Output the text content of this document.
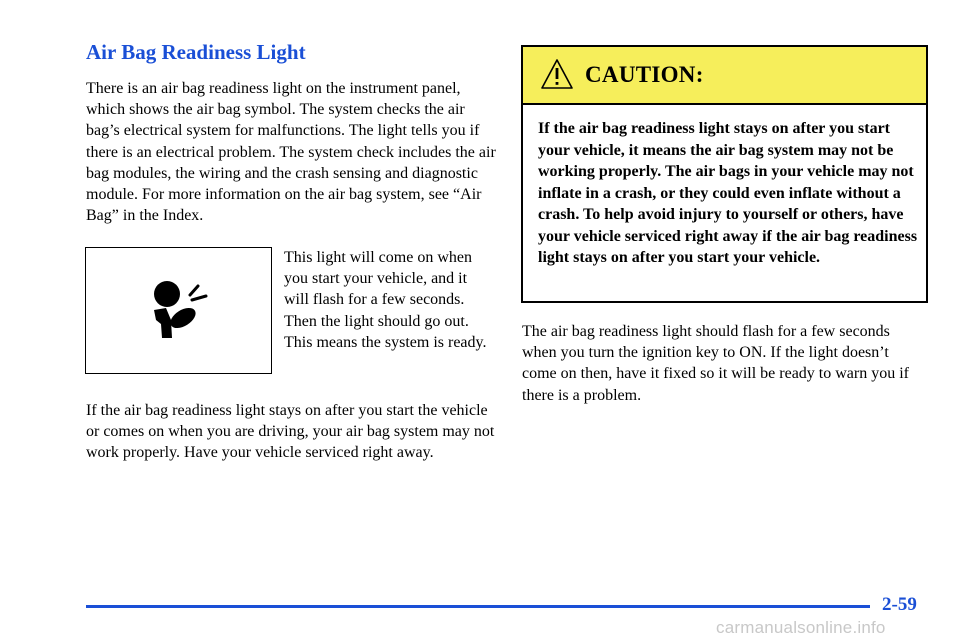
Air Bag Readiness Light

There is an air bag readiness light on the instrument panel, which shows the air bag symbol. The system checks the air bag’s electrical system for malfunctions. The light tells you if there is an electrical problem. The system check includes the air bag modules, the wiring and the crash sensing and diagnostic module. For more information on the air bag system, see “Air Bag” in the Index.

This light will come on when you start your vehicle, and it will flash for a few seconds. Then the light should go out. This means the system is ready.

If the air bag readiness light stays on after you start the vehicle or comes on when you are driving, your air bag system may not work properly. Have your vehicle serviced right away.

CAUTION:

If the air bag readiness light stays on after you start your vehicle, it means the air bag system may not be working properly. The air bags in your vehicle may not inflate in a crash, or they could even inflate without a crash. To help avoid injury to yourself or others, have your vehicle serviced right away if the air bag readiness light stays on after you start your vehicle.

The air bag readiness light should flash for a few seconds when you turn the ignition key to ON. If the light doesn’t come on then, have it fixed so it will be ready to warn you if there is a problem.

2-59
carmanualsonline.info
